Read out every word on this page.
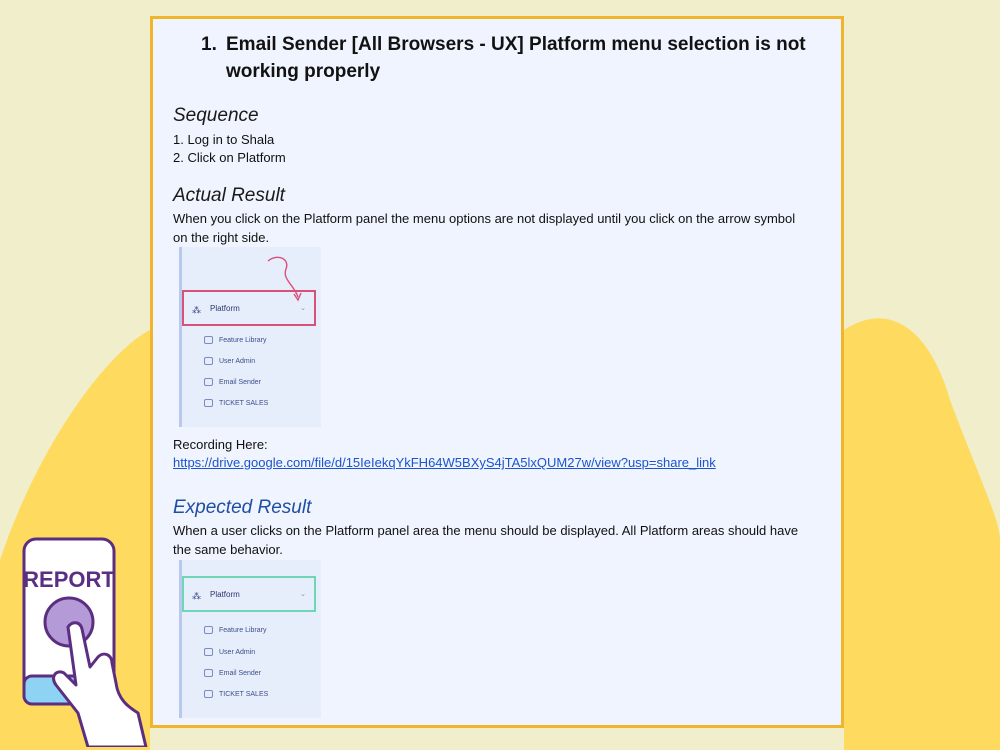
1. Email Sender [All Browsers - UX] Platform menu selection is not working properly
Sequence

1. Log in to Shala

2. Click on Platform

Actual Result

When you click on the Platform panel the menu options are not displayed until you click on the arrow symbol on the right side.

⁂ Platform	⌄
Feature Library
User Admin
Email Sender
TICKET SALES

Recording Here:

https://drive.google.com/file/d/15IeIekqYkFH64W5BXyS4jTA5lxQUM27w/view?usp=share_link

Expected Result

When a user clicks on the Platform panel area the menu should be displayed. All Platform areas should have the same behavior.

⁂ Platform	⌄
Feature Library
User Admin
Email Sender
TICKET SALES
REPORT
